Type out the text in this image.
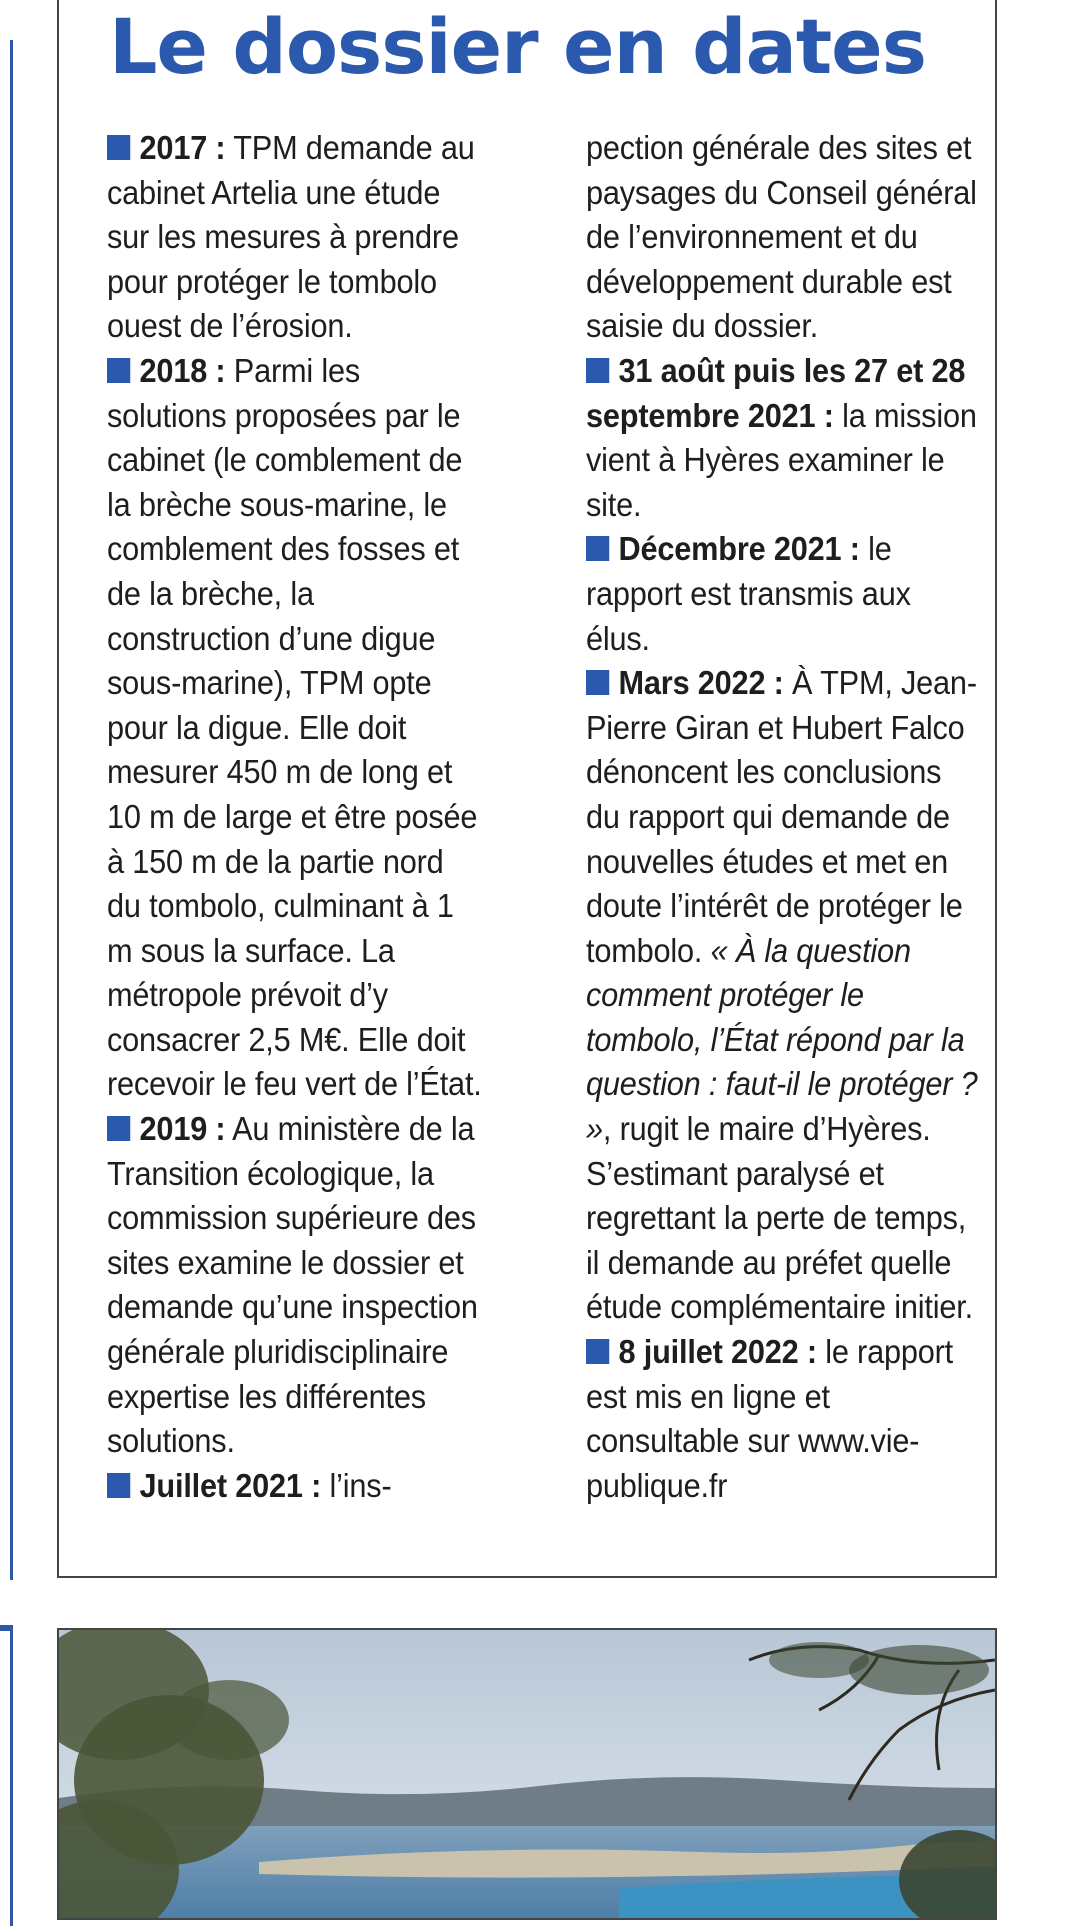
Le dossier en dates

2017 : TPM demande au cabinet Artelia une étude sur les mesures à prendre pour protéger le tombolo ouest de l’érosion.

2018 : Parmi les solutions proposées par le cabinet (le comblement de la brèche sous-marine, le comblement des fosses et de la brèche, la construction d’une digue sous-marine), TPM opte pour la digue. Elle doit mesurer 450 m de long et 10 m de large et être posée à 150 m de la partie nord du tombolo, culminant à 1 m sous la surface. La métropole prévoit d’y consacrer 2,5 M€. Elle doit recevoir le feu vert de l’État.

2019 : Au ministère de la Transition écologique, la commission supérieure des sites examine le dossier et demande qu’une inspection générale pluridisciplinaire expertise les différentes solutions.

Juillet 2021 : l’ins-

pection générale des sites et paysages du Conseil général de l’environnement et du développement durable est saisie du dossier.

31 août puis les 27 et 28 septembre 2021 : la mission vient à Hyères examiner le site.

Décembre 2021 : le rapport est transmis aux élus.

Mars 2022 : À TPM, Jean-Pierre Giran et Hubert Falco dénoncent les conclusions du rapport qui demande de nouvelles études et met en doute l’intérêt de protéger le tombolo. « À la question comment protéger le tombolo, l’État répond par la question : faut-il le protéger ? », rugit le maire d’Hyères. S’estimant paralysé et regrettant la perte de temps, il demande au préfet quelle étude complémentaire initier.

8 juillet 2022 : le rapport est mis en ligne et consultable sur www.vie-publique.fr
